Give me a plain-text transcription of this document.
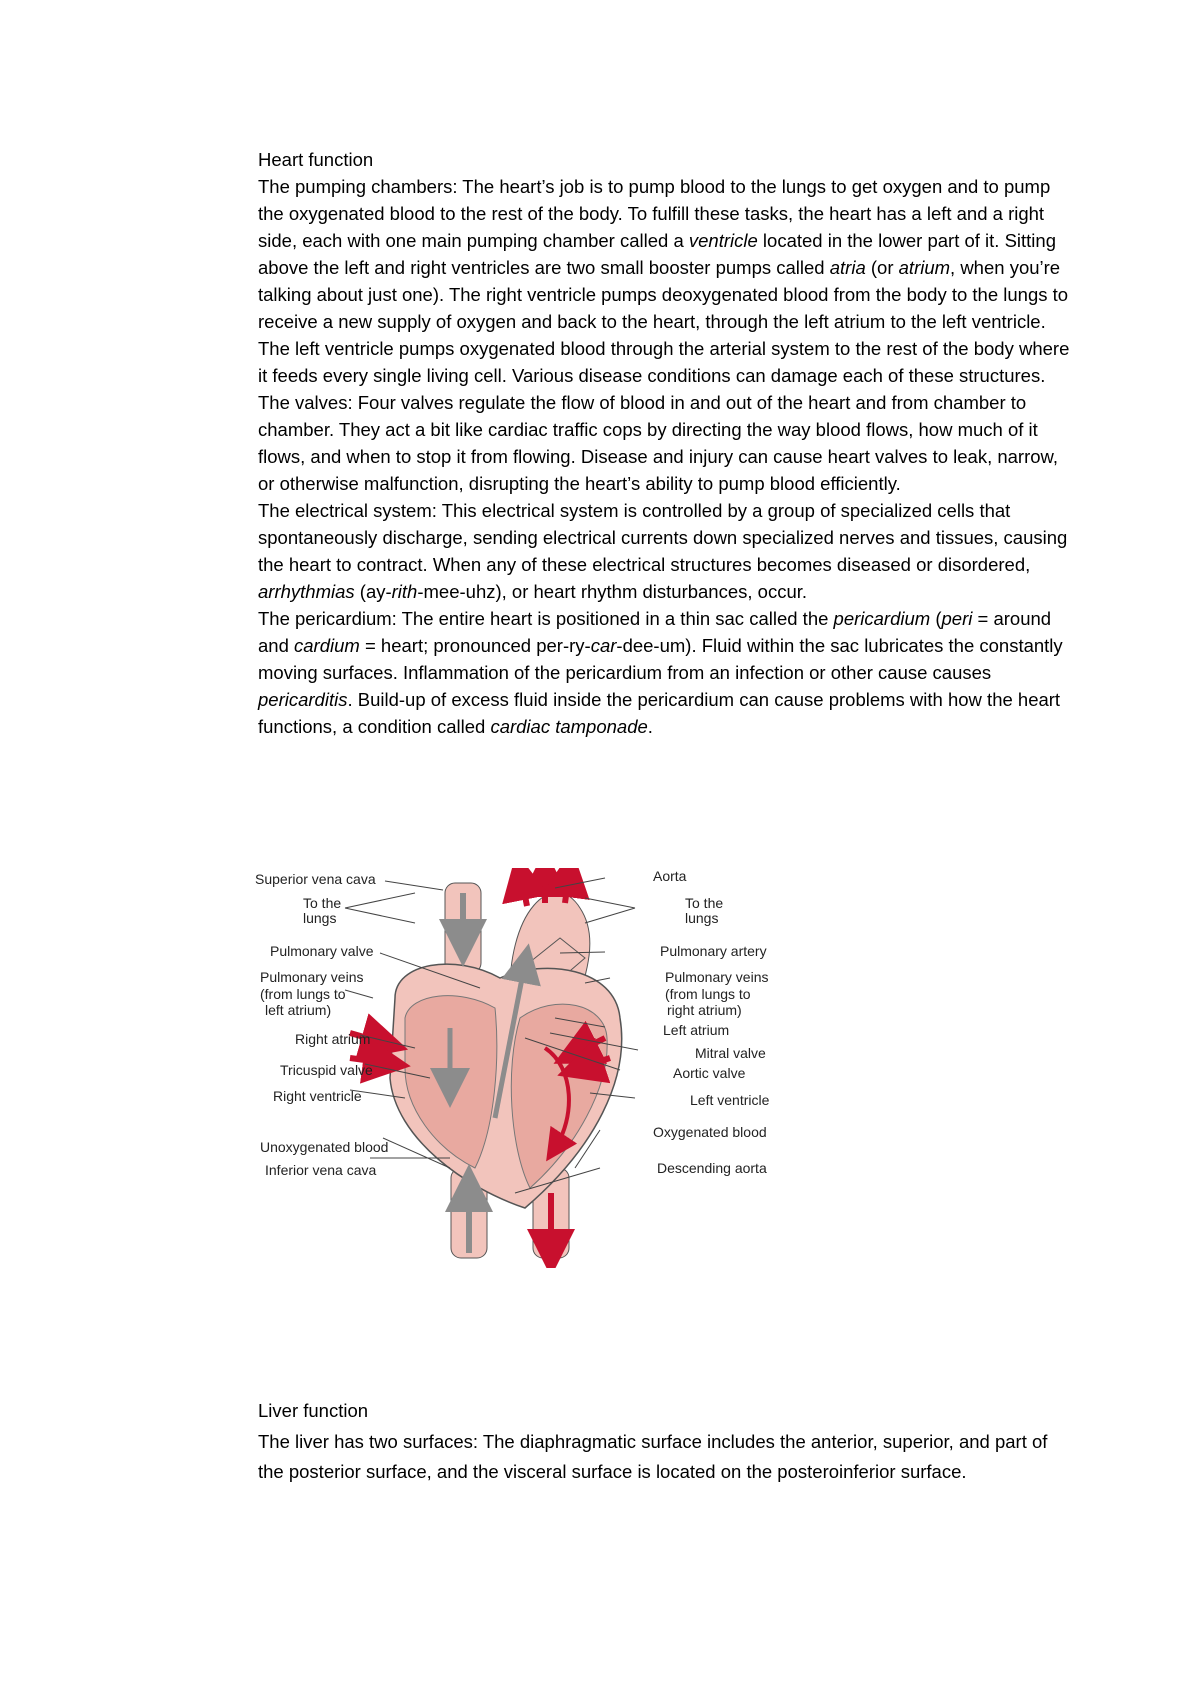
Heart function
The pumping chambers: The heart’s job is to pump blood to the lungs to get oxygen and to pump the oxygenated blood to the rest of the body. To fulfill these tasks, the heart has a left and a right side, each with one main pumping chamber called a ventricle located in the lower part of it. Sitting above the left and right ventricles are two small booster pumps called atria (or atrium, when you’re talking about just one). The right ventricle pumps deoxygenated blood from the body to the lungs to receive a new supply of oxygen and back to the heart, through the left atrium to the left ventricle. The left ventricle pumps oxygenated blood through the arterial system to the rest of the body where it feeds every single living cell. Various disease conditions can damage each of these structures.
The valves: Four valves regulate the flow of blood in and out of the heart and from chamber to chamber. They act a bit like cardiac traffic cops by directing the way blood flows, how much of it flows, and when to stop it from flowing. Disease and injury can cause heart valves to leak, narrow, or otherwise malfunction, disrupting the heart’s ability to pump blood efficiently.
The electrical system: This electrical system is controlled by a group of specialized cells that spontaneously discharge, sending electrical currents down specialized nerves and tissues, causing the heart to contract. When any of these electrical structures becomes diseased or disordered, arrhythmias (ay-rith-mee-uhz), or heart rhythm disturbances, occur.
The pericardium: The entire heart is positioned in a thin sac called the pericardium (peri = around and cardium = heart; pronounced per-ry-car-dee-um). Fluid within the sac lubricates the constantly moving surfaces. Inflammation of the pericardium from an infection or other cause causes pericarditis. Build-up of excess fluid inside the pericardium can cause problems with how the heart functions, a condition called cardiac tamponade.
Superior vena cava
To the
lungs
Pulmonary valve
Pulmonary veins
(from lungs to
left atrium)
Right atrium
Tricuspid valve
Right ventricle
Unoxygenated blood
Inferior vena cava
Aorta
To the
lungs
Pulmonary artery
Pulmonary veins
(from lungs to
right atrium)
Left atrium
Mitral valve
Aortic valve
Left ventricle
Oxygenated blood
Descending aorta
Liver function
The liver has two surfaces: The diaphragmatic surface includes the anterior, superior, and part of the posterior surface, and the visceral surface is located on the posteroinferior surface.
